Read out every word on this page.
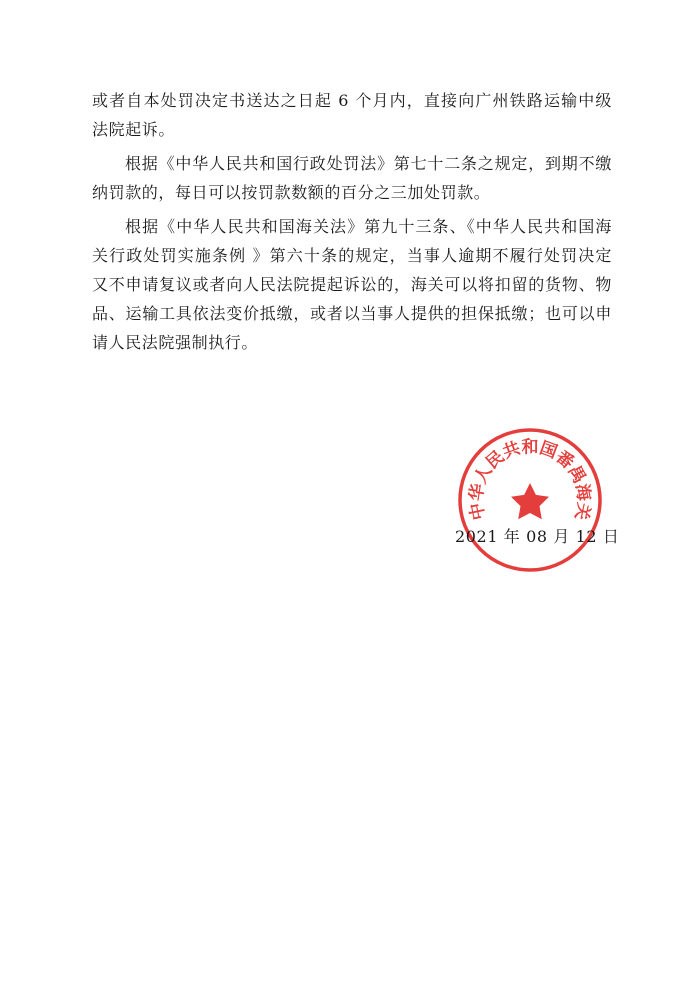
或者自本处罚决定书送达之日起 6 个月内，直接向广州铁路运输中级法院起诉。

根据《中华人民共和国行政处罚法》第七十二条之规定，到期不缴纳罚款的，每日可以按罚款数额的百分之三加处罚款。

根据《中华人民共和国海关法》第九十三条、《中华人民共和国海关行政处罚实施条例 》第六十条的规定，当事人逾期不履行处罚决定又不申请复议或者向人民法院提起诉讼的，海关可以将扣留的货物、物品、运输工具依法变价抵缴，或者以当事人提供的担保抵缴；也可以申请人民法院强制执行。

2021 年 08 月 12 日
中华人民共和国番禺海关
